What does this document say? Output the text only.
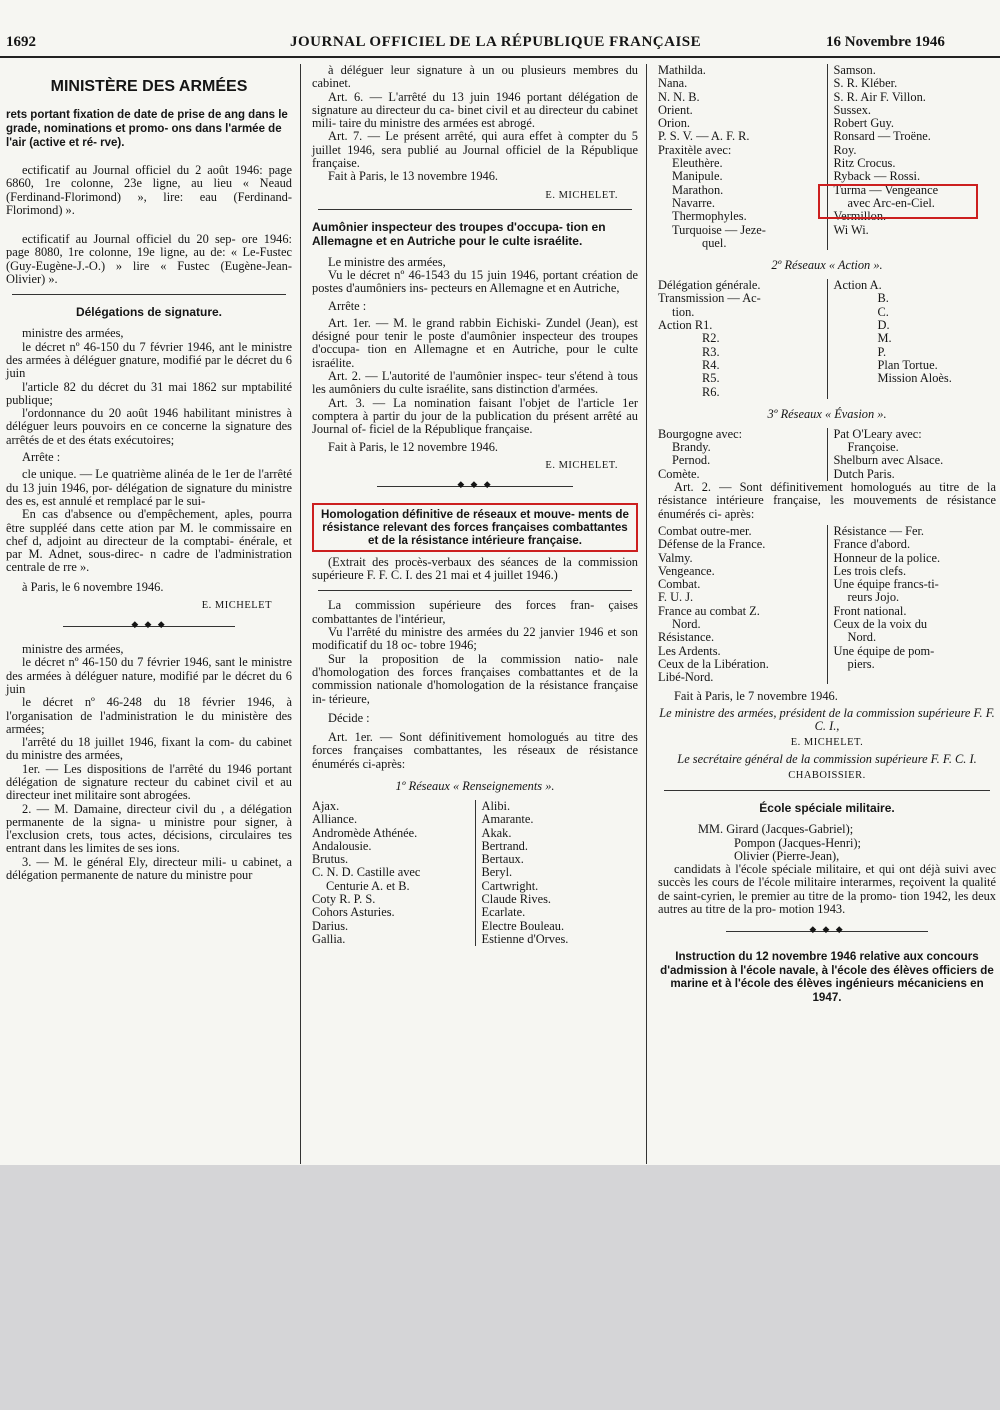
1692	JOURNAL OFFICIEL DE LA RÉPUBLIQUE FRANÇAISE	16 Novembre 1946
MINISTÈRE DES ARMÉES

rets portant fixation de date de prise de ang dans le grade, nominations et promo- ons dans l'armée de l'air (active et ré- rve).

ectificatif au Journal officiel du 2 août 1946: page 6860, 1re colonne, 23e ligne, au lieu « Neaud (Ferdinand-Florimond) », lire: eau (Ferdinand-Florimond) ».

ectificatif au Journal officiel du 20 sep- ore 1946: page 8080, 1re colonne, 19e ligne, au de: « Le-Fustec (Guy-Eugène-J.-O.) » lire « Fustec (Eugène-Jean-Olivier) ».

Délégations de signature.

ministre des armées,

le décret nº 46-150 du 7 février 1946, ant le ministre des armées à déléguer gnature, modifié par le décret du 6 juin

l'article 82 du décret du 31 mai 1862 sur mptabilité publique;

l'ordonnance du 20 août 1946 habilitant ministres à déléguer leurs pouvoirs en ce concerne la signature des arrêtés de et des états exécutoires;

Arrête :

cle unique. — Le quatrième alinéa de le 1er de l'arrêté du 13 juin 1946, por- délégation de signature du ministre des es, est annulé et remplacé par le sui-

En cas d'absence ou d'empêchement, aples, pourra être suppléé dans cette ation par M. le commissaire en chef d, adjoint au directeur de la comptabi- énérale, et par M. Adnet, sous-direc- n cadre de l'administration centrale de rre ».

à Paris, le 6 novembre 1946.

E. MICHELET
◆ ◆ ◆

ministre des armées,

le décret nº 46-150 du 7 février 1946, sant le ministre des armées à déléguer nature, modifié par le décret du 6 juin

le décret nº 46-248 du 18 février 1946, à l'organisation de l'administration le du ministère des armées;

l'arrêté du 18 juillet 1946, fixant la com- du cabinet du ministre des armées,

1er. — Les dispositions de l'arrêté du 1946 portant délégation de signature recteur du cabinet civil et au directeur inet militaire sont abrogées.

2. — M. Damaine, directeur civil du , a délégation permanente de la signa- u ministre pour signer, à l'exclusion crets, tous actes, décisions, circulaires tes entrant dans les limites de ses ions.

3. — M. le général Ely, directeur mili- u cabinet, a délégation permanente de nature du ministre pour

à déléguer leur signature à un ou plusieurs membres du cabinet.

Art. 6. — L'arrêté du 13 juin 1946 portant délégation de signature au directeur du ca- binet civil et au directeur du cabinet mili- taire du ministre des armées est abrogé.

Art. 7. — Le présent arrêté, qui aura effet à compter du 5 juillet 1946, sera publié au Journal officiel de la République française.

Fait à Paris, le 13 novembre 1946.

E. MICHELET.

Aumônier inspecteur des troupes d'occupa- tion en Allemagne et en Autriche pour le culte israélite.

Le ministre des armées,

Vu le décret nº 46-1543 du 15 juin 1946, portant création de postes d'aumôniers ins- pecteurs en Allemagne et en Autriche,

Arrête :

Art. 1er. — M. le grand rabbin Eichiski- Zundel (Jean), est désigné pour tenir le poste d'aumônier inspecteur des troupes d'occupa- tion en Allemagne et en Autriche, pour le culte israélite.

Art. 2. — L'autorité de l'aumônier inspec- teur s'étend à tous les aumôniers du culte israélite, sans distinction d'armées.

Art. 3. — La nomination faisant l'objet de l'article 1er comptera à partir du jour de la publication du présent arrêté au Journal of- ficiel de la République française.

Fait à Paris, le 12 novembre 1946.

E. MICHELET.
◆ ◆ ◆

Homologation définitive de réseaux et mouve- ments de résistance relevant des forces françaises combattantes et de la résistance intérieure française.

(Extrait des procès-verbaux des séances de la commission supérieure F. F. C. I. des 21 mai et 4 juillet 1946.)

La commission supérieure des forces fran- çaises combattantes de l'intérieur,

Vu l'arrêté du ministre des armées du 22 janvier 1946 et son modificatif du 18 oc- tobre 1946;

Sur la proposition de la commission natio- nale d'homologation des forces françaises combattantes et de la commission nationale d'homologation de la résistance française in- térieure,

Décide :

Art. 1er. — Sont définitivement homologués au titre des forces françaises combattantes, les réseaux de résistance énumérés ci-après:

1º Réseaux « Renseignements ».
Ajax.
Alliance.
Andromède Athénée.
Andalousie.
Brutus.
C. N. D. Castille avec
Centurie A. et B.
Coty R. P. S.
Cohors Asturies.
Darius.
Gallia.
Alibi.
Amarante.
Akak.
Bertrand.
Bertaux.
Beryl.
Cartwright.
Claude Rives.
Ecarlate.
Electre Bouleau.
Estienne d'Orves.
Mathilda.
Nana.
N. N. B.
Orient.
Orion.
P. S. V. — A. F. R.
Praxitèle avec:
Eleuthère.
Manipule.
Marathon.
Navarre.
Thermophyles.
Turquoise — Jeze-
quel.
Samson.
S. R. Kléber.
S. R. Air F. Villon.
Sussex.
Robert Guy.
Ronsard — Troëne.
Roy.
Ritz Crocus.
Ryback — Rossi.
Turma — Vengeance
avec Arc-en-Ciel.
Vermillon.
Wi Wi.
2º Réseaux « Action ».
Délégation générale.
Transmission — Ac-
tion.
Action R1.
R2.
R3.
R4.
R5.
R6.
Action A.
B.
C.
D.
M.
P.
Plan Tortue.
Mission Aloès.
3º Réseaux « Évasion ».
Bourgogne avec:
Brandy.
Pernod.
Comète.
Pat O'Leary avec:
Françoise.
Shelburn avec Alsace.
Dutch Paris.

Art. 2. — Sont définitivement homologués au titre de la résistance intérieure française, les mouvements de résistance énumérés ci- après:

Combat outre-mer.
Défense de la France.
Valmy.
Vengeance.
Combat.
F. U. J.
France au combat Z.
Nord.
Résistance.
Les Ardents.
Ceux de la Libération.
Libé-Nord.
Résistance — Fer.
France d'abord.
Honneur de la police.
Les trois clefs.
Une équipe francs-ti-
reurs Jojo.
Front national.
Ceux de la voix du
Nord.
Une équipe de pom-
piers.

Fait à Paris, le 7 novembre 1946.

Le ministre des armées, président de la commission supérieure F. F. C. I.,

E. MICHELET.

Le secrétaire général de la commission supérieure F. F. C. I.

CHABOISSIER.

École spéciale militaire.

MM. Girard (Jacques-Gabriel);

Pompon (Jacques-Henri);

Olivier (Pierre-Jean),

candidats à l'école spéciale militaire, et qui ont déjà suivi avec succès les cours de l'école militaire interarmes, reçoivent la qualité de saint-cyrien, le premier au titre de la promo- tion 1942, les deux autres au titre de la pro- motion 1943.

◆ ◆ ◆

Instruction du 12 novembre 1946 relative aux concours d'admission à l'école navale, à l'école des élèves officiers de marine et à l'école des élèves ingénieurs mécaniciens en 1947.
